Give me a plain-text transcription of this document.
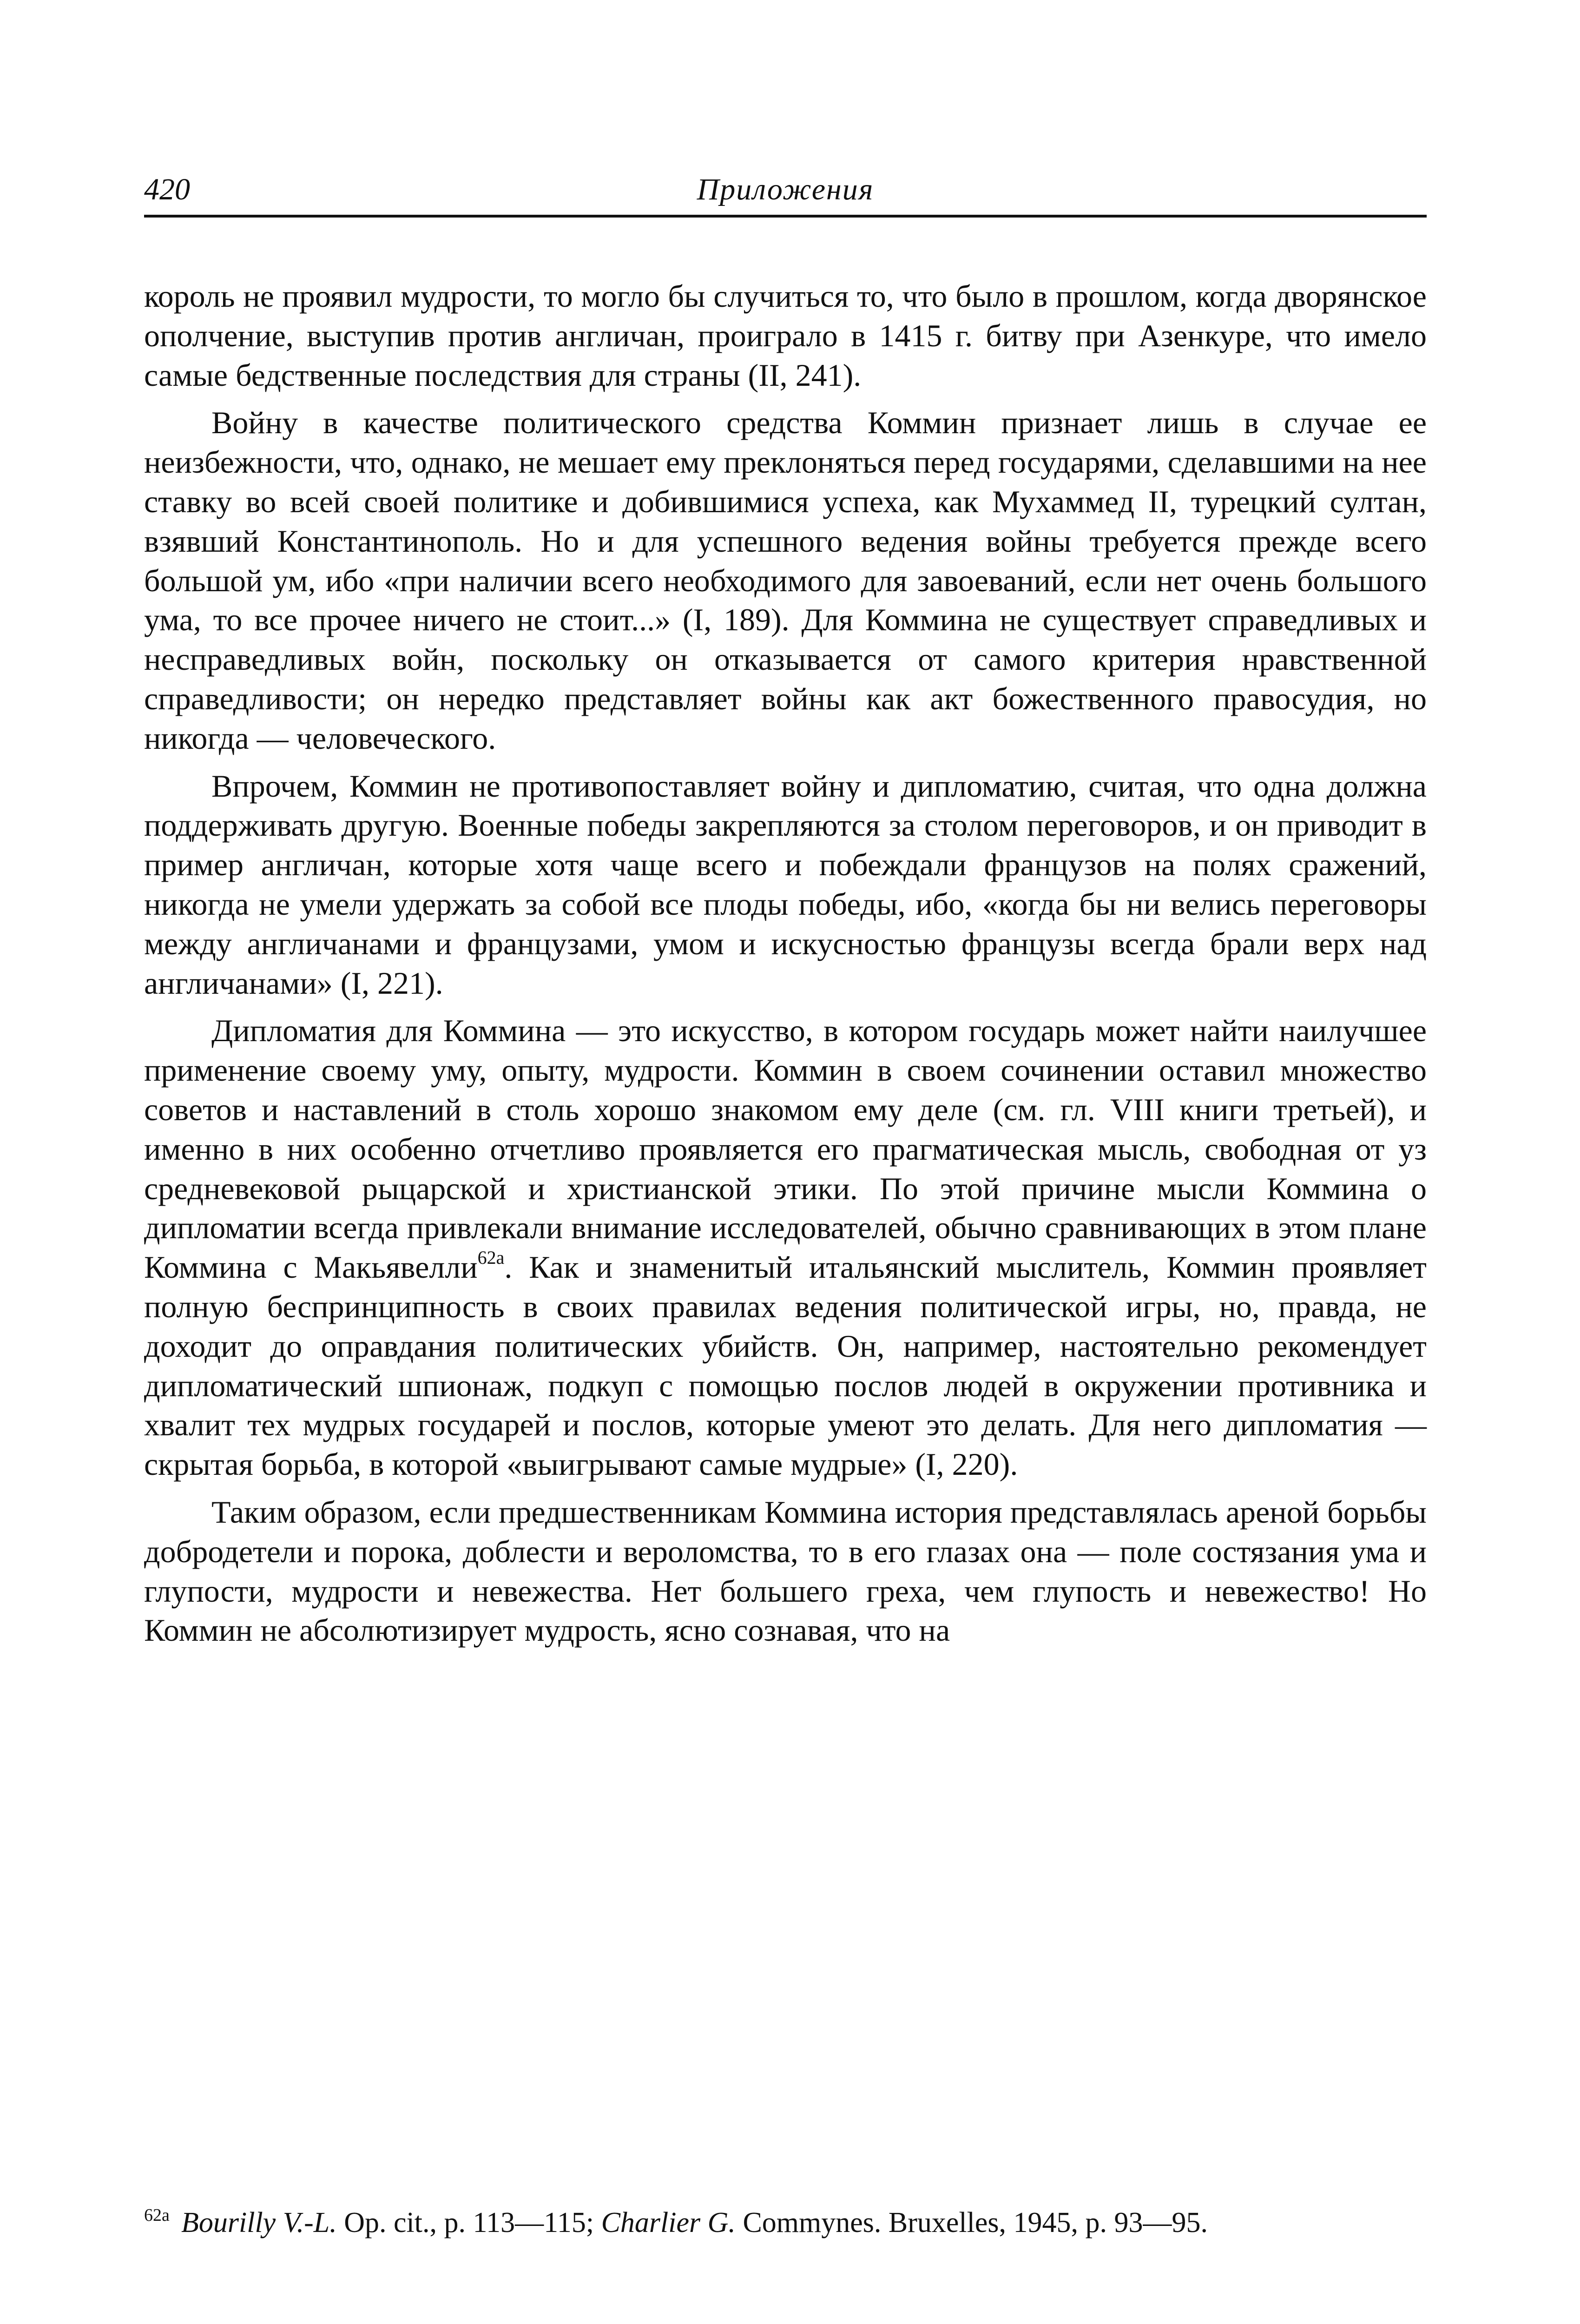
420	Приложения

король не проявил мудрости, то могло бы случиться то, что было в прошлом, когда дворянское ополчение, выступив против англичан, проиграло в 1415 г. битву при Азенкуре, что имело самые бедственные последствия для страны (II, 241).

Войну в качестве политического средства Коммин признает лишь в случае ее неизбежности, что, однако, не мешает ему преклоняться перед государями, сделавшими на нее ставку во всей своей политике и добившимися успеха, как Мухаммед II, турецкий султан, взявший Константинополь. Но и для успешного ведения войны требуется прежде всего большой ум, ибо «при наличии всего необходимого для завоеваний, если нет очень большого ума, то все прочее ничего не стоит...» (I, 189). Для Коммина не существует справедливых и несправедливых войн, поскольку он отказывается от самого критерия нравственной справедливости; он нередко представляет войны как акт божественного правосудия, но никогда — человеческого.

Впрочем, Коммин не противопоставляет войну и дипломатию, считая, что одна должна поддерживать другую. Военные победы закрепляются за столом переговоров, и он приводит в пример англичан, которые хотя чаще всего и побеждали французов на полях сражений, никогда не умели удержать за собой все плоды победы, ибо, «когда бы ни велись переговоры между англичанами и французами, умом и искусностью французы всегда брали верх над англичанами» (I, 221).

Дипломатия для Коммина — это искусство, в котором государь может найти наилучшее применение своему уму, опыту, мудрости. Коммин в своем сочинении оставил множество советов и наставлений в столь хорошо знакомом ему деле (см. гл. VIII книги третьей), и именно в них особенно отчетливо проявляется его прагматическая мысль, свободная от уз средневековой рыцарской и христианской этики. По этой причине мысли Коммина о дипломатии всегда привлекали внимание исследователей, обычно сравнивающих в этом плане Коммина с Макьявелли$^{62a}$. Как и знаменитый итальянский мыслитель, Коммин проявляет полную беспринципность в своих правилах ведения политической игры, но, правда, не доходит до оправдания политических убийств. Он, например, настоятельно рекомендует дипломатический шпионаж, подкуп с помощью послов людей в окружении противника и хвалит тех мудрых государей и послов, которые умеют это делать. Для него дипломатия — скрытая борьба, в которой «выигрывают самые мудрые» (I, 220).

Таким образом, если предшественникам Коммина история представлялась ареной борьбы добродетели и порока, доблести и вероломства, то в его глазах она — поле состязания ума и глупости, мудрости и невежества. Нет большего греха, чем глупость и невежество! Но Коммин не абсолютизирует мудрость, ясно сознавая, что на

62a Bourilly V.-L. Op. cit., p. 113—115; Charlier G. Commynes. Bruxelles, 1945, p. 93—95.
